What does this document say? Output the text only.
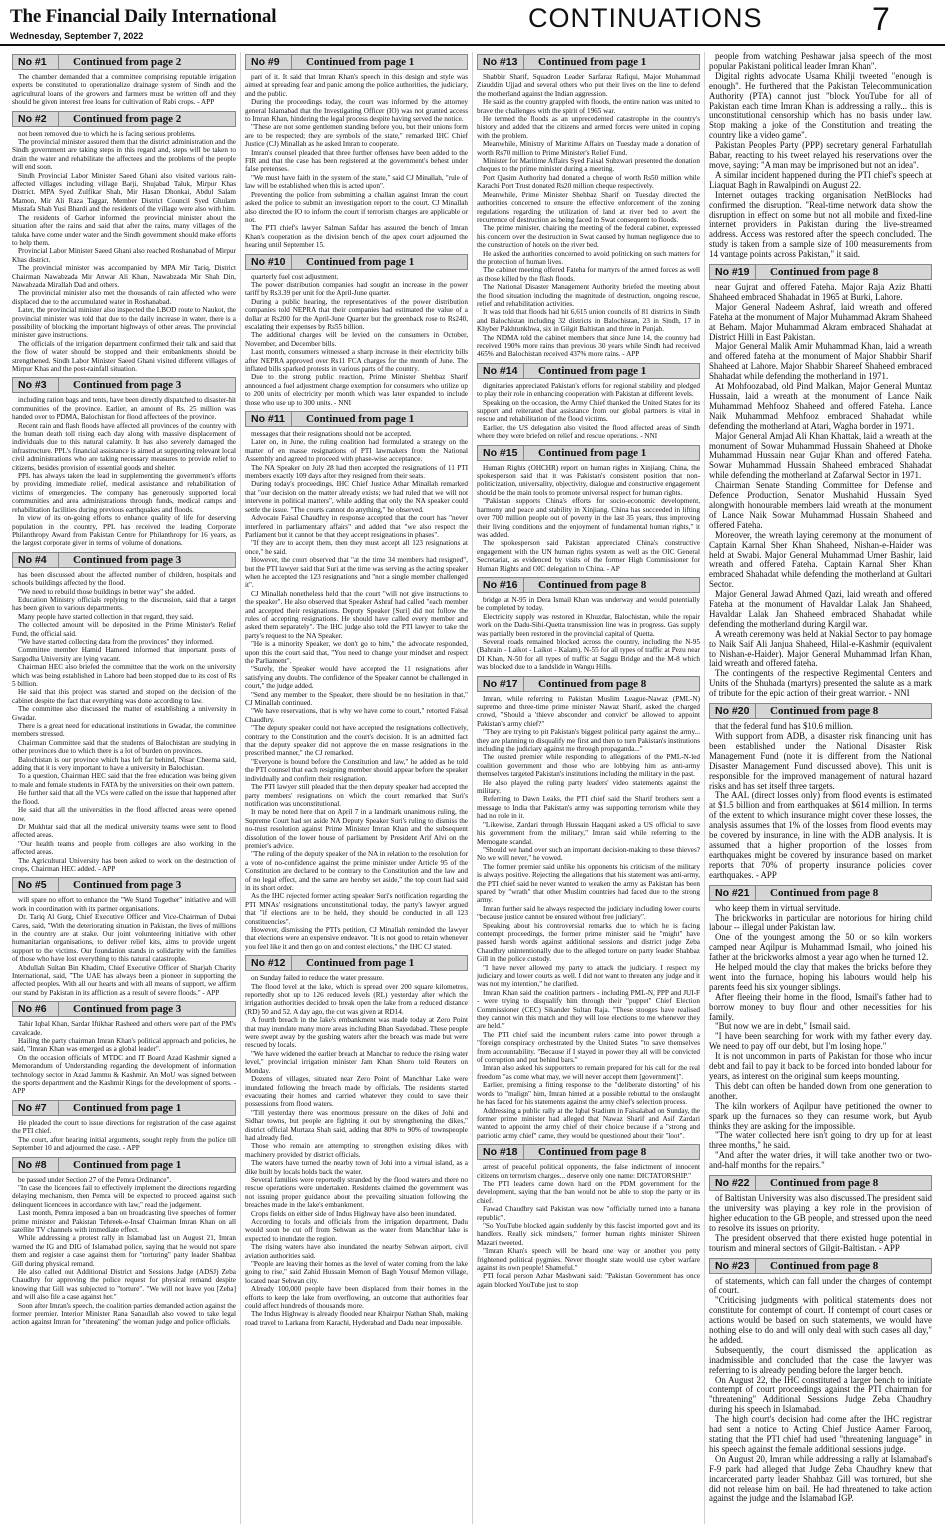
The Financial Daily International
Wednesday, September 7, 2022
CONTINUATIONS	7
No #1	Continued from page 2

The chamber demanded that a committee comprising reputable irrigation experts be constituted to operationalize drainage system of Sindh and the agricultural loans of the growers and farmers must be written off and they should be given interest free loans for cultivation of Rabi crops. - APP

No #2	Continued from page 2

not been removed due to which he is facing serious problems.

The provincial minister assured them that the district administration and the Sindh government are taking steps in this regard and, steps will be taken to drain the water and rehabilitate the affectees and the problems of the people will end soon.

Sindh Provincial Labor Minister Saeed Ghani also visited various rain-affected villages including village Barji, Shujabad Taluk, Mirpur Khas District. MPA Syed Zulfikar Shah, Mir Hasan Dhonkai, Abdul Salam Mamon, Mir Ali Raza Taggar, Member District Council Syed Ghulam Mustafa Shah Yusi Bhardi and the residents of the village were also with him.

The residents of Garhor informed the provincial minister about the situation after the rains and said that after the rains, many villages of the taluka have come under water and the Sindh government should make efforts to help them.

Provincial Labor Minister Saeed Ghani also reached Roshanabad of Mirpur Khas district.

The provincial minister was accompanied by MPA Mir Tariq, District Chairman Nawabzada Mir Anwar Ali Khan, Nawabzada Mir Shah Din, Nawabzada Mirallah Dad and others.

The provincial minister also met the thousands of rain affected who were displaced due to the accumulated water in Roshanabad.

Later, the provincial minister also inspected the LBOD route to Naukot, the provincial minister was told that due to the daily increase in water, there is a possibility of blocking the important highways of other areas. The provincial minister gave instructions.

The officials of the irrigation department confirmed their talk and said that the flow of water should be stopped and their embankments should be strengthened. Sindh Labor Minister Saeed Ghani visited different villages of Mirpur Khas and the post-rainfall situation.

No #3	Continued from page 3

including ration bags and tents, have been directly dispatched to disaster-hit communities of the province. Earlier, an amount of Rs. 25 million was handed over to PDMA, Balochistan for flood affectees of the province.

Recent rain and flash floods have affected all provinces of the country with the human death toll rising each day along with massive displacement of individuals due to this natural calamity. It has also severely damaged the infrastructure. PPL's financial assistance is aimed at supporting relevant local civil administrations who are taking necessary measures to provide relief to citizens, besides provision of essential goods and shelter.

PPL has always taken the lead in supplementing the government's efforts by providing immediate relief, medical assistance and rehabilitation of victims of emergencies. The company has generously supported local communities and area administrations through funds, medical camps and rehabilitation facilities during previous earthquakes and floods.

In view of its on-going efforts to enhance quality of life for deserving population in the country, PPL has received the leading Corporate Philanthropy Award from Pakistan Centre for Philanthropy for 16 years, as the largest corporate giver in terms of volume of donations.

No #4	Continued from page 3

has been discussed about the affected number of children, hospitals and schools buildings affected by the flood.

"We need to rebuild those buildings in better way" she added.

Education Ministry officials replying to the discussion, said that a target has been given to various departments.

Many people have started collection in that regard, they said.

The collected amount will be deposited in the Prime Minister's Relief Fund, the official said.

"We have started collecting data from the provinces" they informed.

Committee member Hamid Hameed informed that important posts of Sargodha University are lying vacant.

Chairman HEC also briefed the committee that the work on the university which was being established in Lahore had been stopped due to its cost of Rs 5 billion.

He said that this project was started and stoped on the decision of the cabinet despite the fact that everything was done according to law.

The committee also discussed the matter of establishing a university in Gwadar.

There is a great need for educational institutions in Gwadar, the committee members stressed.

Chairman Committee said that the students of Balochistan are studying in other provinces due to which there is a lot of burden on provinces.

Balochistan is our province which has left far behind, Nisar Cheema said, adding that it is very important to have a university in Balochistan.

To a question, Chairman HEC said that the free education was being given to male and female students in FATA by the universities on their own pattern.

He further said that all the VCs were called on the issue that happened after the flood.

He said that all the universities in the flood affected areas were opened now.

Dr Mukhtar said that all the medical university teams were sent to flood affected areas.

"Our health teams and people from colleges are also working in the affected areas.

The Agricultural University has been asked to work on the destruction of crops, Chairman HEC added. - APP

No #5	Continued from page 3

will spare no effort to enhance the "We Stand Together" initiative and will work in coordination with its partner organisations.

Dr. Tariq Al Gurg, Chief Executive Officer and Vice-Chairman of Dubai Cares, said, "With the deteriorating situation in Pakistan, the lives of millions in the country are at stake. Our joint volunteering initiative with other humanitarian organisations, to deliver relief kits, aims to provide urgent support to the victims. Our foundation stands in solidarity with the families of those who have lost everything to this natural catastrophe.

Abdullah Sultan Bin Khadim, Chief Executive Officer of Sharjah Charity International, said, "The UAE has always been a pioneer in supporting the affected peoples. With all our hearts and with all means of support, we affirm our stand by Pakistan in its affliction as a result of severe floods." - APP

No #6	Continued from page 3

Tahir Iqbal Khan, Sardar Iftikhar Rasheed and others were part of the PM's cavalcade.

Hailing the party chairman Imran Khan's political approach and policies, he said, "Imran Khan was emerged as a global leader".

On the occasion officials of MTDC and IT Board Azad Kashmir signed a Memorandum of Understanding regarding the development of information technology sector in Azad Jammu & Kashmir. An MoU was signed between the sports department and the Kashmir Kings for the development of sports. - APP

No #7	Continued from page 1

He pleaded the court to issue directions for registration of the case against the PTI chief.

The court, after hearing initial arguments, sought reply from the police till September 10 and adjourned the case. - APP

No #8	Continued from page 1

be passed under Section 27 of the Pemra Ordinance".

"In case the licencees fail to effectively implement the directions regarding delaying mechanism, then Pemra will be expected to proceed against such delinquent licencees in accordance with law," read the judgement.

Last month, Pemra imposed a ban on broadcasting live speeches of former prime minister and Pakistan Tehreek-e-Insaf Chairman Imran Khan on all satellite TV channels with immediate effect.

While addressing a protest rally in Islamabad last on August 21, Imran warned the IG and DIG of Islamabad police, saying that he would not spare them and register a case against them for "torturing" party leader Shahbaz Gill during physical remand.

He also called out Additional District and Sessions Judge (ADSJ) Zeba Chaudhry for approving the police request for physical remand despite knowing that Gill was subjected to "torture". "We will not leave you [Zeba] and will also file a case against her."

Soon after Imran's speech, the coalition parties demanded action against the former premier. Interior Minister Rana Sanaullah also vowed to take legal action against Imran for "threatening" the woman judge and police officials.

No #9	Continued from page 1

part of it. It said that Imran Khan's speech in this design and style was aimed at spreading fear and panic among the police authorities, the judiciary, and the public.

During the proceedings today, the court was informed by the attorney general Islamabad that the Investigating Officer (IO) was not granted access to Imran Khan, hindering the legal process despite having served the notice.

"These are not some gentlemen standing before you, but their unions form are to be respected; they are symbols of the state," remarked IHC Chief Justice (CJ) Minallah as he asked Imran to cooperate.

Imran's counsel pleaded that three further offenses have been added to the FIR and that the case has been registered at the government's behest under false pretenses.

"We must have faith in the system of the state," said CJ Minallah, "rule of law will be established when this is acted upon".

Preventing the police from submitting a challan against Imran the court asked the police to submit an investigation report to the court. CJ Minallah also directed the IO to inform the court if terrorism charges are applicable or not.

The PTI chief's lawyer Salman Safdar has assured the bench of Imran Khan's cooperation as the division bench of the apex court adjourned the hearing until September 15.

No #10	Continued from page 1

quarterly fuel cost adjustment.

The power distribution companies had sought an increase in the power tariff by Rs3.39 per unit for the April-June quarter.

During a public hearing, the representatives of the power distribution companies told NEPRA that their companies had estimated the value of a dollar at Rs200 for the April-June Quarter but the greenback rose to Rs240, escalating their expenses by Rs55 billion.

The additional charges will be levied on the consumers in October, November, and December bills.

Last month, consumers witnessed a sharp increase in their electricity bills after NEPRA approved over Rs11 FCA charges for the month of June. The inflated bills sparked protests in various parts of the country.

Due to the strong public reaction, Prime Minister Shehbaz Sharif announced a fuel adjustment charge exemption for consumers who utilize up to 200 units of electricity per month which was later expanded to include those who use up to 300 units. - NNI

No #11	Continued from page 1

messages that their resignations should not be accepted.

Later on, in June, the ruling coalition had formulated a strategy on the matter of en masse resignations of PTI lawmakers from the National Assembly and agreed to proceed with phase-wise acceptance.

The NA Speaker on July 28 had then accepted the resignations of 11 PTI members exactly 109 days after they resigned from their seats.

During today's proceedings, IHC Chief Justice Athar Minallah remarked that "our decision on the matter already exists; we had ruled that we will not intervene in political matters", while adding that only the NA speaker could settle the issue. "The courts cannot do anything," he observed.

Advocate Faisal Chaudhry in response accepted that the court has "never interfered in parliamentary affairs" and added that "we also respect the Parliament but it cannot be that they accept resignations in phases".

"If they are to accept them, then they must accept all 123 resignations at once," he said.

However, the court observed that "at the time 34 members had resigned", but the PTI lawyer said that Suri at the time was serving as the acting speaker when he accepted the 123 resignations and "not a single member challenged it".

CJ Minallah nonetheless held that the court "will not give instructions to the speaker". He also observed that Speaker Ashraf had called "each member and accepted their resignations. Deputy Speaker [Suri] did not follow the rules of accepting resignations. He should have called every member and asked them separately". The IHC judge also told the PTI lawyer to take the party's request to the NA Speaker.

"He is a minority Speaker, we don't go to him," the advocate responded, upon this the court said that, "You need to change your mindset and respect the Parliament".

"Surely, the Speaker would have accepted the 11 resignations after satisfying any doubts. The confidence of the Speaker cannot be challenged in court," the judge added.

"Send any member to the Speaker, there should be no hesitation in that," CJ Minallah continued.

"We have reservations, that is why we have come to court," retorted Faisal Chaudhry.

"The deputy speaker could not have accepted the resignations collectively, contrary to the Constitution and the court's decision. It is an admitted fact that the deputy speaker did not approve the en masse resignations in the prescribed manner," the CJ remarked.

"Everyone is bound before the Constitution and law," he added as he told the PTI counsel that each resigning member should appear before the speaker individually and confirm their resignation.

The PTI lawyer still pleaded that the then deputy speaker had accepted the party members' resignations on which the court remarked that Suri's notification was unconstitutional.

It may be noted here that on April 7 in a landmark unanimous ruling, the Supreme Court had set aside NA Deputy Speaker Suri's ruling to dismiss the no-trust resolution against Prime Minister Imran Khan and the subsequent dissolution of the lower house of parliament by President Arif Alvi on the premier's advice.

"The ruling of the deputy speaker of the NA in relation to the resolution for a vote of no-confidence against the prime minister under Article 95 of the Constitution are declared to be contrary to the Constitution and the law and of no legal effect, and the same are hereby set aside," the top court had said in its short order.

As the IHC rejected former acting speaker Suri's notification regarding the PTI MNAs' resignations unconstitutional today, the party's lawyer argued that "if elections are to be held, they should be conducted in all 123 constituencies".

However, dismissing the PTI's petition, CJ Minallah reminded the lawyer that elections were an expensive endeavor. "It is not good to retain whenever you feel like it and then go on and contest elections," the IHC CJ stated.

No #12	Continued from page 1

on Sunday failed to reduce the water pressure.

The flood level at the lake, which is spread over 200 square kilometres, reportedly shot up to 126 reduced levels (RL) yesterday after which the irrigation authorities decided to break open the lake from a reduced distance (RD) 50 and 52. A day ago, the cut was given at RD14.

A fourth breach in the lake's embankment was made today at Zero Point that may inundate many more areas including Bhan Sayedabad. These people were swept away by the gushing waters after the breach was made but were rescued by locals.

"We have widened the earlier breach at Manchar to reduce the rising water level," provincial irrigation minister Jam Khan Shoro told Reuters on Monday.

Dozens of villages, situated near Zero Point of Manchhar Lake were inundated following the breach made by officials. The residents started evacuating their homes and carried whatever they could to save their possessions from flood waters.

"Till yesterday there was enormous pressure on the dikes of Johi and Sidhar towns, but people are fighting it out by strengthening the dikes," district official Murtaza Shah said, adding that 80% to 90% of townspeople had already fled.

Those who remain are attempting to strengthen existing dikes with machinery provided by district officials.

The waters have turned the nearby town of Johi into a virtual island, as a dike built by locals holds back the water.

Several families were reportedly stranded by the flood waters and there no rescue operations were undertaken. Residents claimed the government was not issuing proper guidance about the prevailing situation following the breaches made in the lake's embankment.

Crops fields on either side of Indus Highway have also been inundated.

According to locals and officials from the irrigation department, Dadu would soon be cut off from Sehwan as the water from Manchhar lake is expected to inundate the region.

The rising waters have also inundated the nearby Sehwan airport, civil aviation authorities said.

"People are leaving their homes as the level of water coming from the lake going to rise," said Zahid Hussain Memon of Bagh Yousuf Memon village, located near Sehwan city.

Already 100,000 people have been displaced from their homes in the efforts to keep the lake from overflowing, an outcome that authorities fear could affect hundreds of thousands more.

The Indus Highway is already flooded near Khairpur Nathan Shah, making road travel to Larkana from Karachi, Hyderabad and Dadu near impossible.

No #13	Continued from page 1

Shabbir Sharif, Squadron Leader Sarfaraz Rafiqui, Major Muhammad Ziauddin Ujjad and several others who put their lives on the line to defend the motherland against the Indian aggression.

He said as the country grappled with floods, the entire nation was united to brave the challenges with the spirit of 1965 war.

He termed the floods as an unprecedented catastrophe in the country's history and added that the citizens and armed forces were united in coping with the problem.

Meanwhile, Ministry of Maritime Affairs on Tuesday made a donation of worth Rs70 million to Prime Minister's Relief Fund.

Minister for Maritime Affairs Syed Faisal Subzwari presented the donation cheques to the prime minister during a meeting.

Port Qasim Authority had donated a cheque of worth Rs50 million while Karachi Port Trust donated Rs20 million cheque respectively.

Meanwhile, Prime Minister Shehbaz Sharif on Tuesday directed the authorities concerned to ensure the effective enforcement of the zoning regulations regarding the utilization of land at river bed to avert the recurrence of destruction as being faced in Swat consequent to floods.

The prime minister, chairing the meeting of the federal cabinet, expressed his concern over the destruction in Swat caused by human negligence due to the construction of hotels on the river bed.

He asked the authorities concerned to avoid politicking on such matters for the protection of human lives.

The cabinet meeting offered Fateha for martyrs of the armed forces as well as those killed by the flash floods.

The National Disaster Management Authority briefed the meeting about the flood situation including the magnitude of destruction, ongoing rescue, relief and rehabilitation activities.

It was told that floods had hit 6,615 union councils of 81 districts in Sindh and Balochistan including 32 districts in Balochistan, 23 in Sindh, 17 in Khyber Pakhtunkhwa, six in Gilgit Baltistan and three in Punjab.

The NDMA told the cabinet members that since June 14, the country had received 190% more rains than previous 30 years while Sindh had received 465% and Balochistan received 437% more rains. - APP

No #14	Continued from page 1

dignitaries appreciated Pakistan's efforts for regional stability and pledged to play their role in enhancing cooperation with Pakistan at different levels.

Speaking on the occasion, the Army Chief thanked the United States for its support and reiterated that assistance from our global partners is vital in rescue and rehabilitation of the flood victims.

Earlier, the US delegation also visited the flood affected areas of Sindh where they were briefed on relief and rescue operations. - NNI

No #15	Continued from page 1

Human Rights (OHCHR) report on human rights in Xinjiang, China, the spokesperson said that it was Pakistan's consistent position that non-politicization, universality, objectivity, dialogue and constructive engagement should be the main tools to promote universal respect for human rights.

"Pakistan supports China's efforts for socio-economic development, harmony and peace and stability in Xinjiang. China has succeeded in lifting over 700 million people out of poverty in the last 35 years, thus improving their living conditions and the enjoyment of fundamental human rights," it was added.

The spokesperson said Pakistan appreciated China's constructive engagement with the UN human rights system as well as the OIC General Secretariat, as evidenced by visits of the former High Commissioner for Human Rights and OIC delegation to China. - AP

No #16	Continued from page 8

bridge at N-95 in Dera Ismail Khan was underway and would potentially be completed by today.

Electricity supply was restored in Khuzdar, Balochistan, while the repair work on the Dadu-Sibi-Quetta transmission line was in progress. Gas supply was partially been restored in the provincial capital of Quetta.

Several roads remained blocked across the country, including the N-95 (Bahrain - Laikot - Laikot - Kalam), N-55 for all types of traffic at Pezu near DI Khan, N-50 for all types of traffic at Saggu Bridge and the M-8 which was blocked due to a landslide in Wangu Hills.

No #17	Continued from page 8

Imran, while referring to Pakistan Muslim League-Nawaz (PML-N) supremo and three-time prime minister Nawaz Sharif, asked the charged crowd, "Should a 'thieve absconder and convict' be allowed to appoint Pakistan's army chief?"

"They are trying to pit Pakistan's biggest political party against the army... they are planning to disqualify me first and then to turn Pakistan's institutions including the judiciary against me through propaganda..."

The ousted premier while responding to allegations of the PML-N-led coalition government and those who are lobbying him as anti-army themselves targeted Pakistan's institutions including the military in the past.

He also played the ruling party leaders' video statements against the military.

Referring to Dawn Leaks, the PTI chief said the Sharif brothers sent a message to India that Pakistan's army was supporting terrorism while they had no role in it.

"Likewise, Zardari through Hussain Haqqani asked a US official to save his government from the military," Imran said while referring to the Memogate scandal.

"Should we hand over such an important decision-making to these thieves? No we will never," he vowed.

The former premier said unlike his opponents his criticism of the military is always positive. Rejecting the allegations that his statement was anti-army, the PTI chief said he never wanted to weaken the army as Pakistan has been spared by "wrath" that other Muslim countries had faced due to the strong army.

Imran further said he always respected the judiciary including lower courts "because justice cannot be ensured without free judiciary".

Speaking about his controversial remarks due to which he is facing contempt proceedings, the former prime minister said he "might" have passed harsh words against additional sessions and district judge Zeba Chaudhry unintentionally due to the alleged torture on party leader Shahbaz Gill in the police custody.

"I have never allowed my party to attack the judiciary. I respect my judiciary and lower courts as well. I did not want to threaten any judge and it was not my intention," he clarified.

Imran Khan said the coalition partners - including PML-N, PPP and JUI-F - were trying to disqualify him through their "puppet" Chief Election Commissioner (CEC) Sikander Sultan Raja. "These stooges have realised they cannot win this match and they will lose elections to me whenever they are held."

The PTI chief said the incumbent rulers came into power through a "foreign conspiracy orchestrated by the United States "to save themselves from accountability. "Because if I stayed in power they all will be convicted of corruption and put behind bars."

Imran also asked his supporters to remain prepared for his call for the real freedom "as come what may, we will never accept them [government]".

Earlier, premising a fitting response to the "deliberate distorting" of his words to "malign" him, Imran hinted at a possible rebuttal to the onslaught he has faced for his statements against the army chief's selection process.

Addressing a public rally at the Iqbal Stadium in Faisalabad on Sunday, the former prime minister had alleged that Nawaz Sharif and Asif Zardari wanted to appoint the army chief of their choice because if a "strong and patriotic army chief" came, they would be questioned about their "loot".

No #18	Continued from page 8

arrest of peaceful political opponents, the false indictment of innocent citizens on terrorism charges... deserve only one name: DICTATORSHIP."

The PTI leaders came down hard on the PDM government for the development, saying that the ban would not be able to stop the party or its chief.

Fawad Chaudhry said Pakistan was now "officially turned into a banana republic".

"So YouTube blocked again suddenly by this fascist imported govt and its handlers. Really sick mindsets," former human rights minister Shireen Mazari tweeted.

"Imran Khan's speech will be heard one way or another you petty frightened political pygmies. Never thought state would use cyber warfare against its own people! Shameful."

PTI focal person Azhar Mashwani said: "Pakistan Government has once again blocked YouTube just to stop

people from watching Peshawar jalsa speech of the most popular Pakistani political leader Imran Khan".

Digital rights advocate Usama Khilji tweeted "enough is enough". He furthered that the Pakistan Telecommunication Authority (PTA) cannot just "block YouTube for all of Pakistan each time Imran Khan is addressing a rally... this is unconstitutional censorship which has no basis under law. Stop making a joke of the Constitution and treating the country like a video game".

Pakistan Peoples Party (PPP) secretary general Farhatullah Babar, reacting to his tweet relayed his reservations over the move, saying: "A man may be imprisoned but not an idea".

A similar incident happened during the PTI chief's speech at Liaquat Bagh in Rawalpindi on August 22.

Internet outages tracking organisation NetBlocks had confirmed the disruption. "Real-time network data show the disruption in effect on some but not all mobile and fixed-line internet providers in Pakistan during the live-streamed address. Access was restored after the speech concluded. The study is taken from a sample size of 100 measurements from 14 vantage points across Pakistan," it said.

No #19	Continued from page 8

near Gujrat and offered Fateha. Major Raja Aziz Bhatti Shaheed embraced Shahadat in 1965 at Burki, Lahore.

Major General Nadeem Ashraf, laid wreath and offered Fateha at the monument of Major Muhammad Akram Shaheed at Beham. Major Muhammad Akram embraced Shahadat at District Hilli in East Pakistan.

Major General Malik Amir Muhammad Khan, laid a wreath and offered fateha at the monument of Major Shabbir Sharif Shaheed at Lahore. Major Shabbir Shareef Shaheed embraced Shahadat while defending the motherland in 1971.

At Mohfoozabad, old Pind Malkan, Major General Muntaz Hussain, laid a wreath at the monument of Lance Naik Muhammad Mehfooz Shaheed and offered Fateha. Lance Naik Muhammad Mehfooz embraced Shahadat while defending the motherland at Atari, Wagha border in 1971.

Major General Amjad Ali Khan Khattak, laid a wreath at the monument of Sowar Muhammad Hussain Shaheed at Dhoke Muhammad Hussain near Gujar Khan and offered Fateha. Sowar Muhammad Hussain Shaheed embraced Shahadat while defending the motherland at Zafarwal Sector in 1971.

Chairman Senate Standing Committee for Defense and Defence Production, Senator Mushahid Hussain Syed alongwith honourable members laid wreath at the monument of Lance Naik Sowar Muhammad Hussain Shaheed and offered Fateha.

Moreover, the wreath laying ceremony at the monument of Captain Karnal Sher Khan Shaheed, Nishan-e-Haider was held at Swabi. Major General Muhammad Umer Bashir, laid wreath and offered Fateha. Captain Karnal Sher Khan embraced Shahadat while defending the motherland at Gultari Sector.

Major General Jawad Ahmed Qazi, laid wreath and offered Fateha at the monument of Havaldar Lalak Jan Shaheed, Havaldar Lalak Jan Shaheed embraced Shahadat while defending the motherland during Kargil war.

A wreath ceremony was held at Nakial Sector to pay homage to Naik Saif Ali Janjua Shaheed, Hilal-e-Kashmir (equivalent to Nishan-e-Haider). Major General Muhammad Irfan Khan, laid wreath and offered fateha.

The contingents of the respective Regimental Centers and Units of the Shuhada (martyrs) presented the salute as a mark of tribute for the epic action of their great warrior. - NNI

No #20	Continued from page 8

that the federal fund has $10.6 million.

With support from ADB, a disaster risk financing unit has been established under the National Disaster Risk Management Fund (note it is different from the National Disaster Management Fund discussed above). This unit is responsible for the improved management of natural hazard risks and has set itself three targets.

The AAL (direct losses only) from flood events is estimated at $1.5 billion and from earthquakes at $614 million. In terms of the extent to which insurance might cover these losses, the analysis assumes that 1% of the losses from flood events may be covered by insurance, in line with the ADB analysis. It is assumed that a higher proportion of the losses from earthquakes might be covered by insurance based on market reports that 70% of property insurance policies cover earthquakes. - APP

No #21	Continued from page 8

who keep them in virtual servitude.

The brickworks in particular are notorious for hiring child labour -- illegal under Pakistan law.

One of the youngest among the 50 or so kiln workers camped near Aqilpur is Muhammad Ismail, who joined his father at the brickworks almost a year ago when he turned 12.

He helped mould the clay that makes the bricks before they went into the furnace, hoping his labours would help his parents feed his six younger siblings.

After fleeing their home in the flood, Ismail's father had to borrow money to buy flour and other necessities for his family.

"But now we are in debt," Ismail said.

"I have been searching for work with my father every day. We need to pay off our debt, but I'm losing hope."

It is not uncommon in parts of Pakistan for those who incur debt and fail to pay it back to be forced into bonded labour for years, as interest on the original sum keeps mounting.

This debt can often be handed down from one generation to another.

The kiln workers of Aqilpur have petitioned the owner to spark up the furnaces so they can resume work, but Ayub thinks they are asking for the impossible.

"The water collected here isn't going to dry up for at least three months," he said.

"And after the water dries, it will take another two or two-and-half months for the repairs."

No #22	Continued from page 8

of Baltistan University was also discussed.The president said the university was playing a key role in the provision of higher education to the GB people, and stressed upon the need to resolve its issues on priority.

The president observed that there existed huge potential in tourism and mineral sectors of Gilgit-Baltistan. - APP

No #23	Continued from page 8

of statements, which can fall under the charges of contempt of court.

"Criticising judgments with political statements does not constitute for contempt of court. If contempt of court cases or actions would be based on such statements, we would have nothing else to do and will only deal with such cases all day," he added.

Subsequently, the court dismissed the application as inadmissible and concluded that the case the lawyer was referring to is already pending before the larger bench.

On August 22, the IHC constituted a larger bench to initiate contempt of court proceedings against the PTI chairman for "threatening" Additional Sessions Judge Zeba Chaudhry during his speech in Islamabad.

The high court's decision had come after the IHC registrar had sent a notice to Acting Chief Justice Aamer Farooq, stating that the PTI chief had used "threatening language" in his speech against the female additional sessions judge.

On August 20, Imran while addressing a rally at Islamabad's F-9 park had alleged that Judge Zeba Chaudhry knew that incarcerated party leader Shahbaz Gill was tortured, but she did not release him on bail. He had threatened to take action against the judge and the Islamabad IGP.
